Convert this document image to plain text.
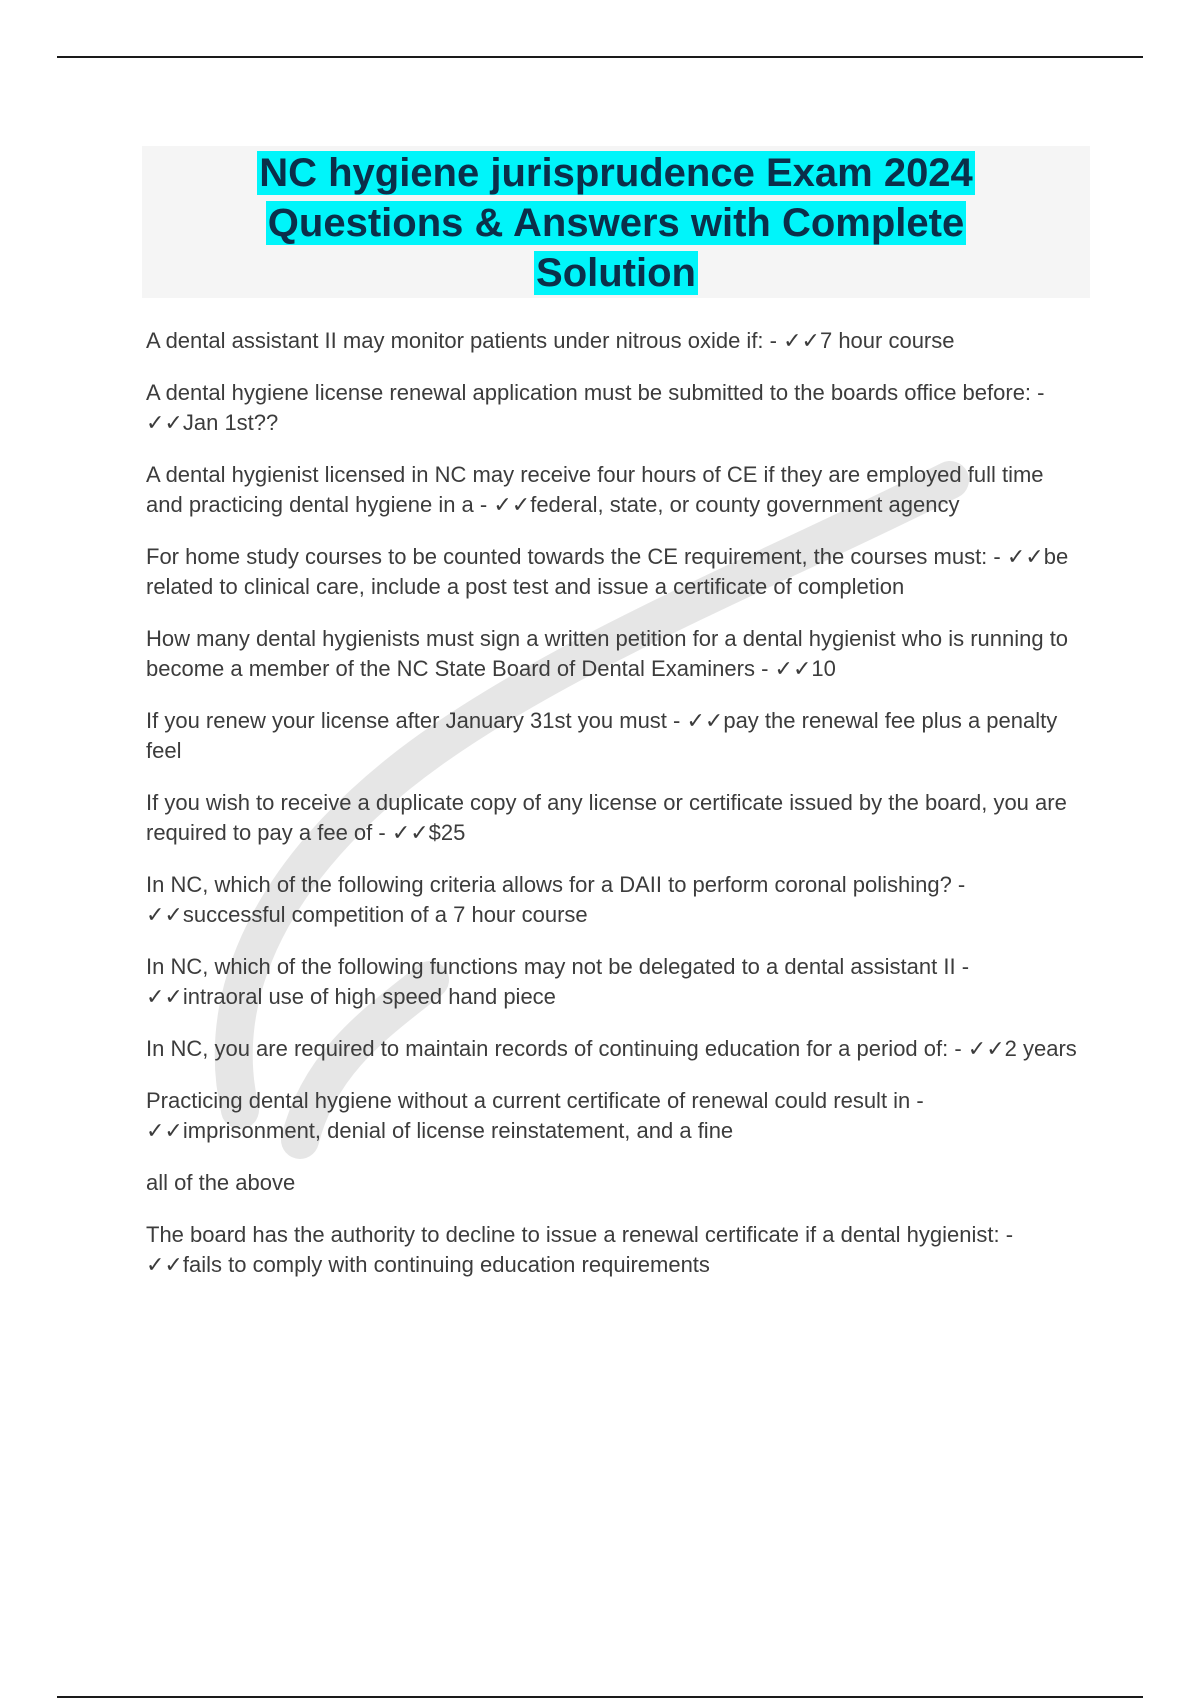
NC hygiene jurisprudence Exam 2024
Questions & Answers with Complete
Solution

A dental assistant II may monitor patients under nitrous oxide if: - ✓✓7 hour course

A dental hygiene license renewal application must be submitted to the boards office before: - ✓✓Jan 1st??

A dental hygienist licensed in NC may receive four hours of CE if they are employed full time and practicing dental hygiene in a - ✓✓federal, state, or county government agency

For home study courses to be counted towards the CE requirement, the courses must: - ✓✓be related to clinical care, include a post test and issue a certificate of completion

How many dental hygienists must sign a written petition for a dental hygienist who is running to become a member of the NC State Board of Dental Examiners - ✓✓10

If you renew your license after January 31st you must - ✓✓pay the renewal fee plus a penalty feel

If you wish to receive a duplicate copy of any license or certificate issued by the board, you are required to pay a fee of - ✓✓$25

In NC, which of the following criteria allows for a DAII to perform coronal polishing? - ✓✓successful competition of a 7 hour course

In NC, which of the following functions may not be delegated to a dental assistant II - ✓✓intraoral use of high speed hand piece

In NC, you are required to maintain records of continuing education for a period of: - ✓✓2 years

Practicing dental hygiene without a current certificate of renewal could result in - ✓✓imprisonment, denial of license reinstatement, and a fine

all of the above

The board has the authority to decline to issue a renewal certificate if a dental hygienist: - ✓✓fails to comply with continuing education requirements
